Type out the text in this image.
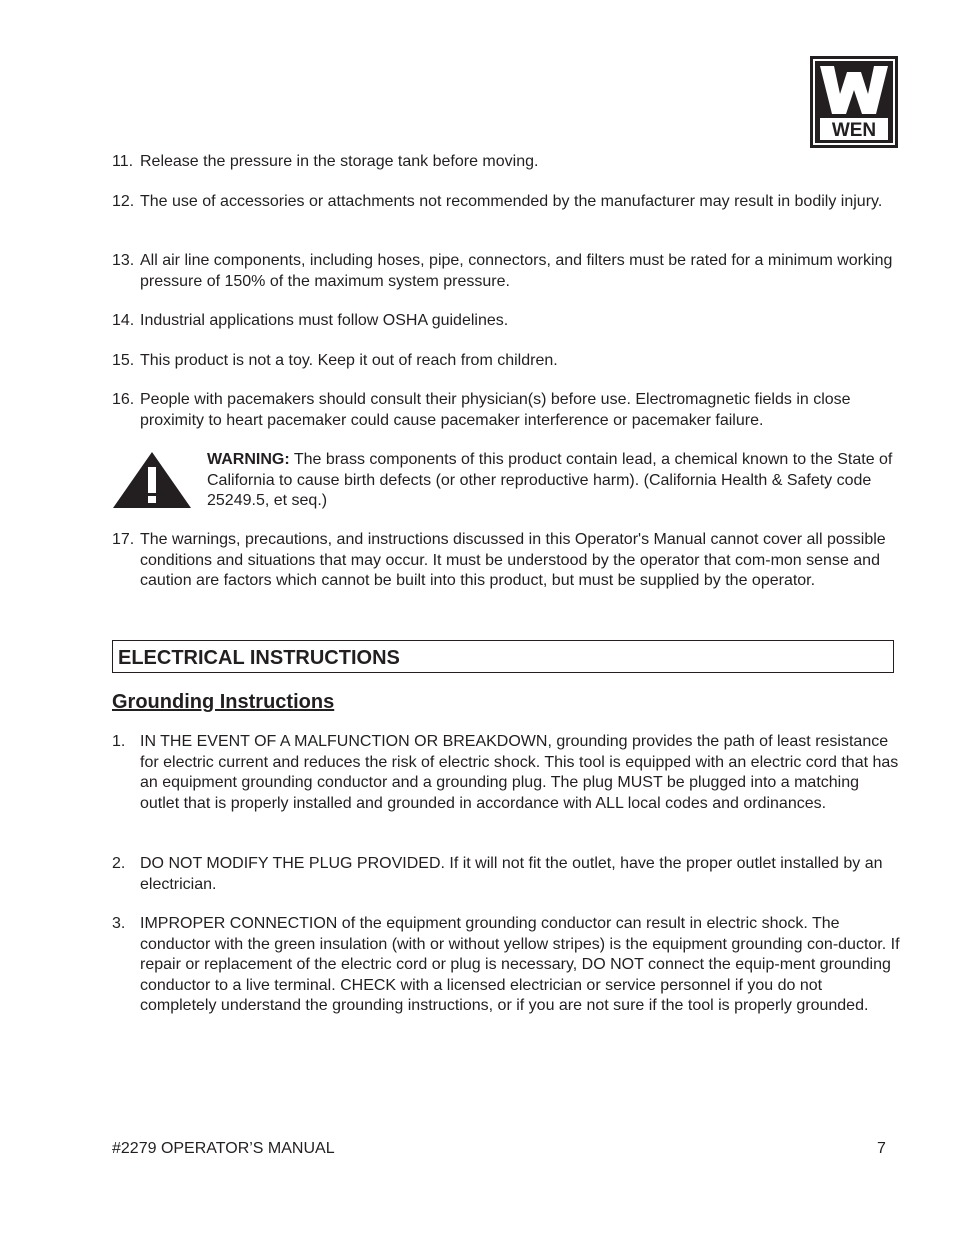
WEN
11. Release the pressure in the storage tank before moving.
12. The use of accessories or attachments not recommended by the manufacturer may result in bodily injury.
13. All air line components, including hoses, pipe, connectors, and filters must be rated for a minimum working pressure of 150% of the maximum system pressure.
14. Industrial applications must follow OSHA guidelines.
15. This product is not a toy. Keep it out of reach from children.
16. People with pacemakers should consult their physician(s) before use. Electromagnetic fields in close proximity to heart pacemaker could cause pacemaker interference or pacemaker failure.
WARNING: The brass components of this product contain lead, a chemical known to the State of California to cause birth defects (or other reproductive harm). (California Health & Safety code 25249.5, et seq.)
17. The warnings, precautions, and instructions discussed in this Operator's Manual cannot cover all possible conditions and situations that may occur. It must be understood by the operator that com-mon sense and caution are factors which cannot be built into this product, but must be supplied by the operator.
ELECTRICAL INSTRUCTIONS
Grounding Instructions
1. IN THE EVENT OF A MALFUNCTION OR BREAKDOWN, grounding provides the path of least resistance for electric current and reduces the risk of electric shock. This tool is equipped with an electric cord that has an equipment grounding conductor and a grounding plug. The plug MUST be plugged into a matching outlet that is properly installed and grounded in accordance with ALL local codes and ordinances.
2. DO NOT MODIFY THE PLUG PROVIDED. If it will not fit the outlet, have the proper outlet installed by an electrician.
3. IMPROPER CONNECTION of the equipment grounding conductor can result in electric shock. The conductor with the green insulation (with or without yellow stripes) is the equipment grounding con-ductor. If repair or replacement of the electric cord or plug is necessary, DO NOT connect the equip-ment grounding conductor to a live terminal. CHECK with a licensed electrician or service personnel if you do not completely understand the grounding instructions, or if you are not sure if the tool is properly grounded.
#2279 OPERATOR’S MANUAL	7
